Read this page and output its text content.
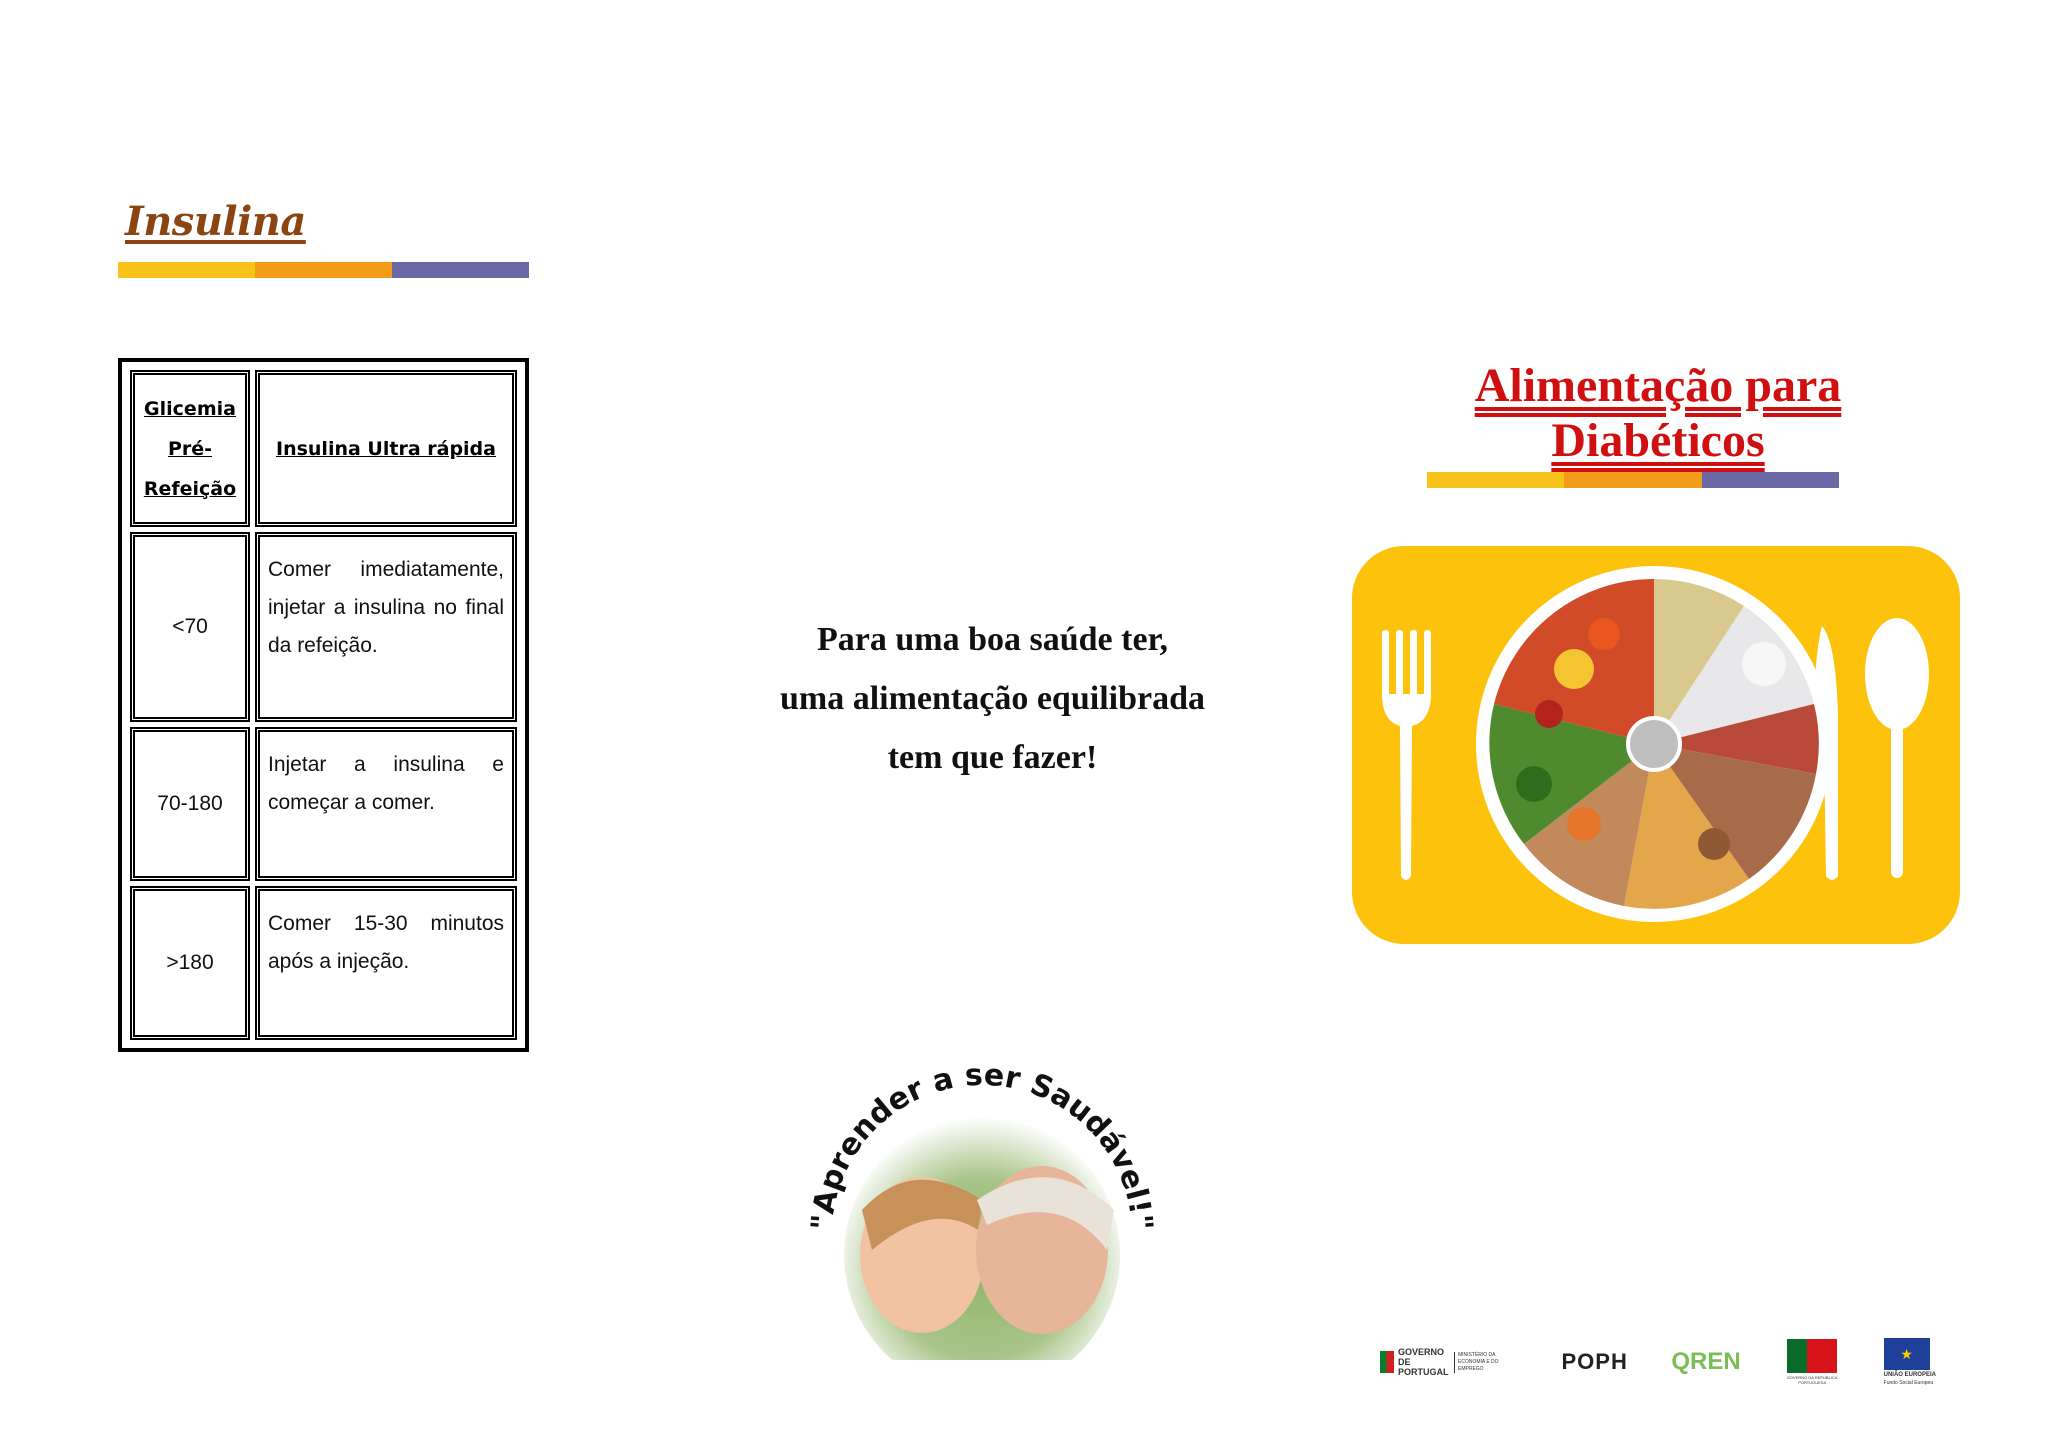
Insulina
Glicemia
Pré-
Refeição	Insulina Ultra rápida
<70	Comer imediatamente,
injetar a insulina no final
da refeição.

70-180	Injetar a insulina e
começar a comer.

>180	Comer 15-30 minutos
após a injeção.
Para uma boa saúde ter,
uma alimentação equilibrada
tem que fazer!
"Aprender a ser Saudável!"
Alimentação para
Diabéticos
GOVERNO DE PORTUGAL
MINISTÉRIO DA ECONOMIA E DO EMPREGO	POPH QREN
GOVERNO DA REPÚBLICA PORTUGUESA
★
UNIÃO EUROPEIA
Fundo Social Europeu
